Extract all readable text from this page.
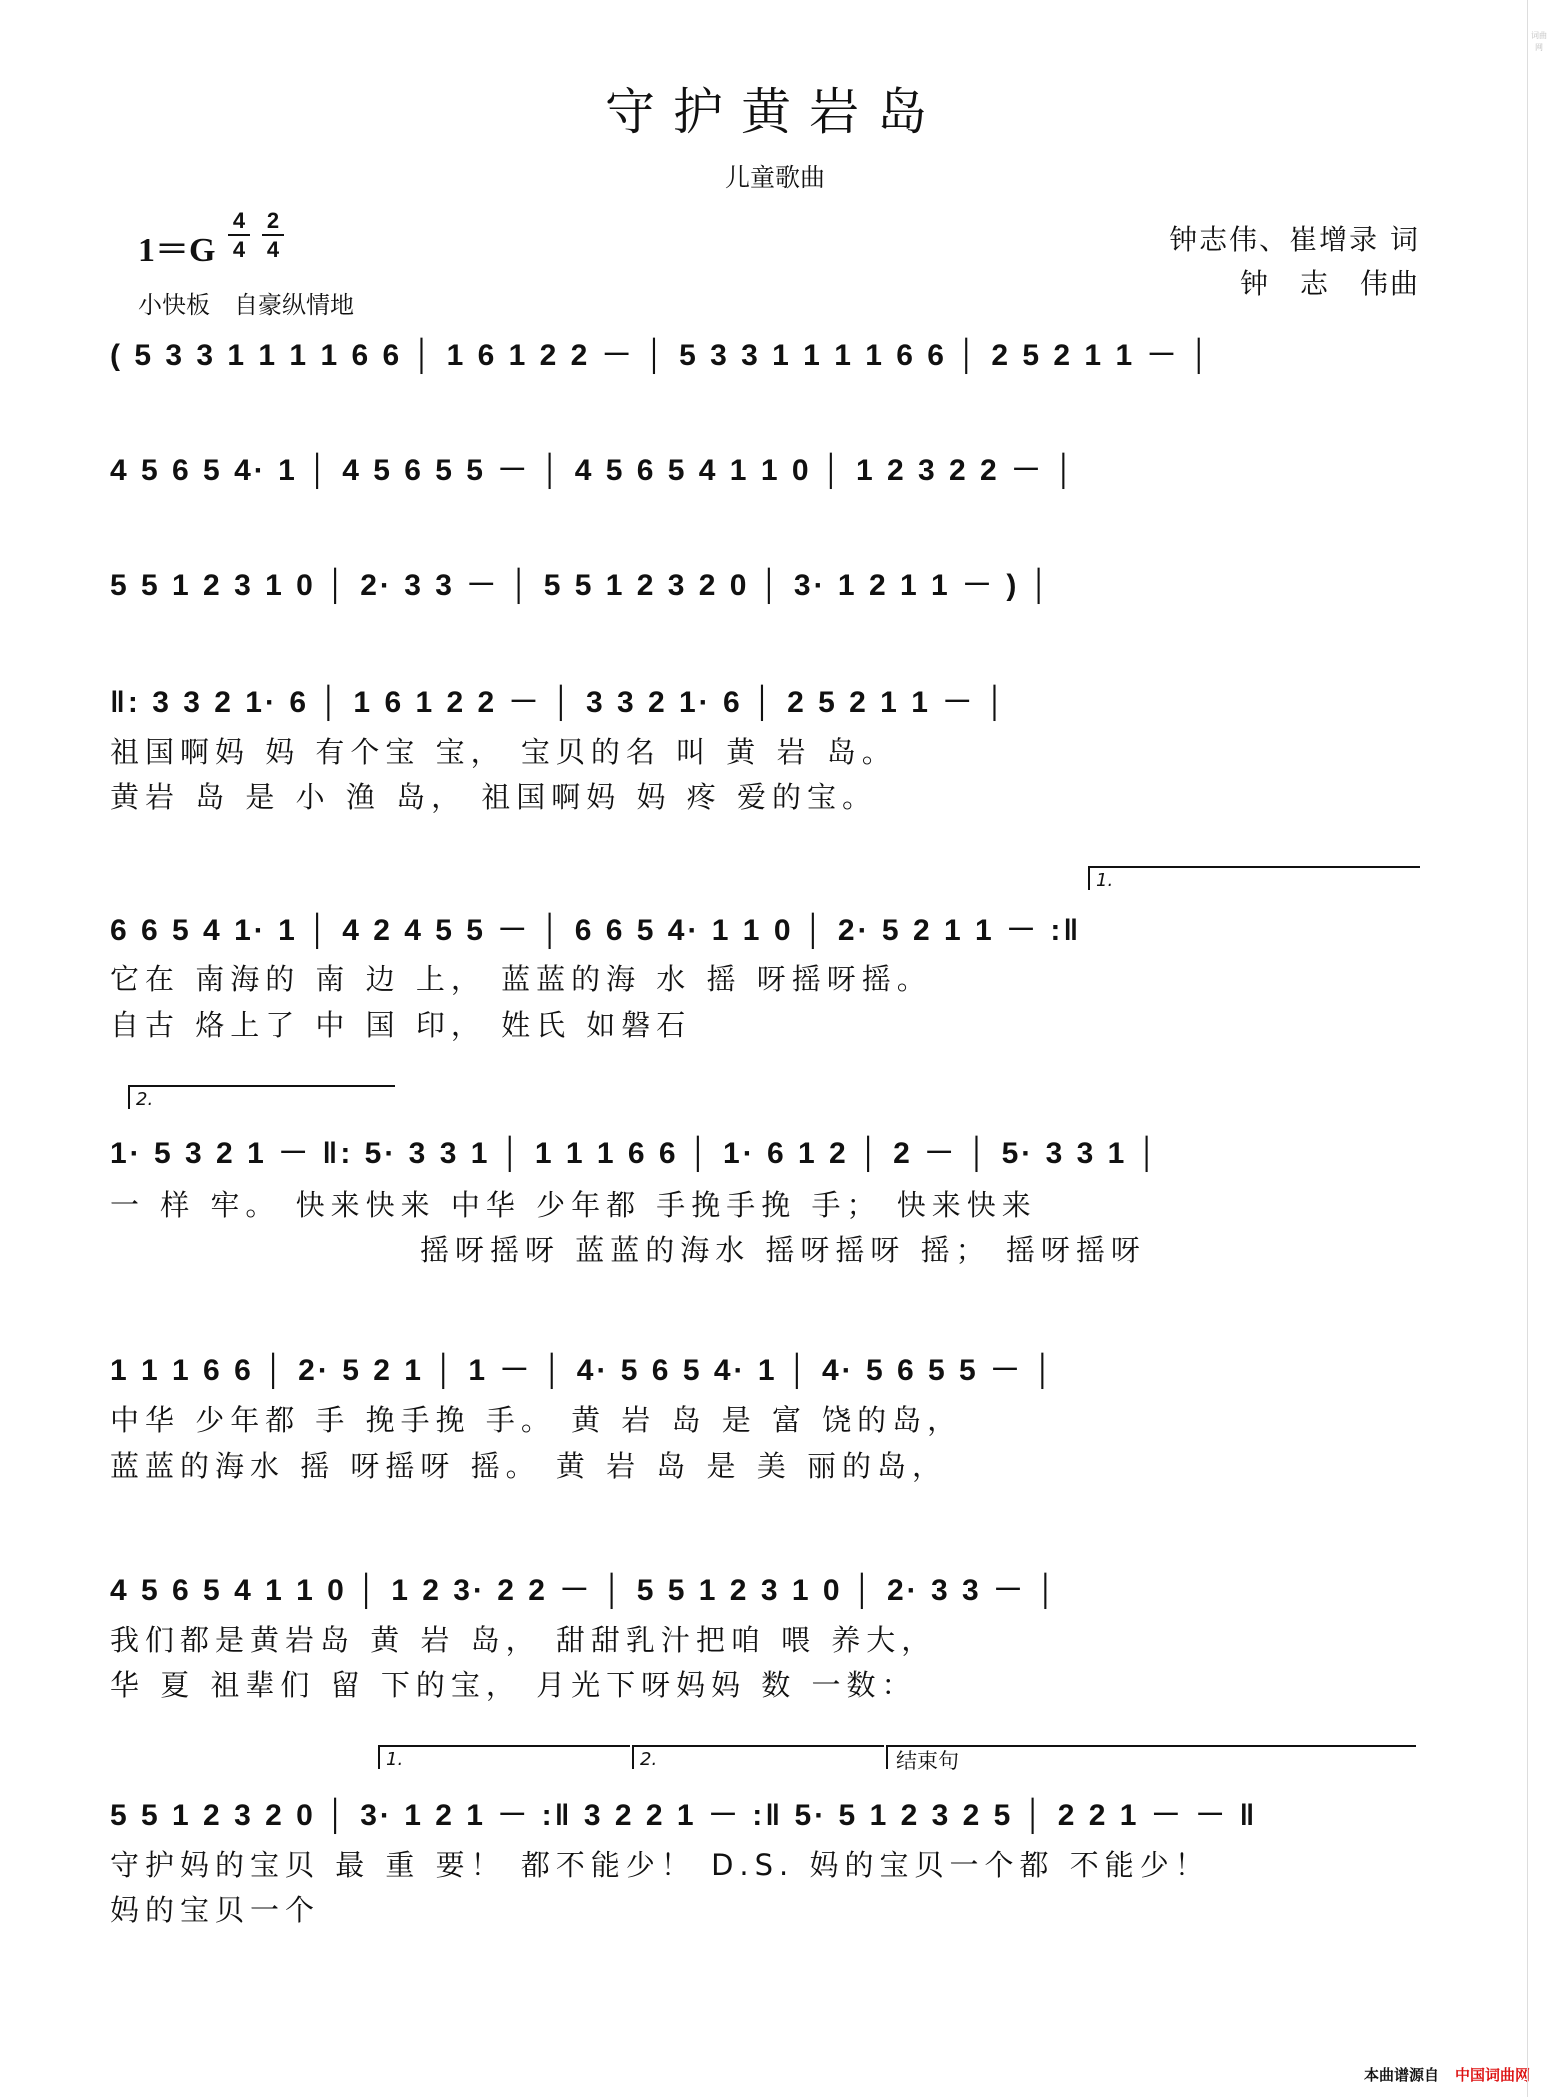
守护黄岩岛
儿童歌曲
1＝G
4
4
2
4
小快板　自豪纵情地
钟志伟、崔增录 词
钟　志　伟曲
( 5 3 3 1 1 1 1 6 6 │ 1 6 1 2 2 － │ 5 3 3 1 1 1 1 6 6 │ 2 5 2 1 1 － │
4 5 6 5 4· 1 │ 4 5 6 5 5 － │ 4 5 6 5 4 1 1 0 │ 1 2 3 2 2 － │
5 5 1 2 3 1 0 │ 2· 3 3 － │ 5 5 1 2 3 2 0 │ 3· 1 2 1 1 － ) │
‖: 3 3 2 1· 6 │ 1 6 1 2 2 － │ 3 3 2 1· 6 │ 2 5 2 1 1 － │
祖国啊妈 妈 有个宝 宝， 宝贝的名 叫 黄 岩 岛。
黄岩 岛 是 小 渔 岛， 祖国啊妈 妈 疼 爱的宝。
1.
6 6 5 4 1· 1 │ 4 2 4 5 5 － │ 6 6 5 4· 1 1 0 │ 2· 5 2 1 1 － :‖
它在 南海的 南 边 上， 蓝蓝的海 水 摇 呀摇呀摇。
自古 烙上了 中 国 印， 姓氏 如磐石
2.
1· 5 3 2 1 － ‖: 5· 3 3 1 │ 1 1 1 6 6 │ 1· 6 1 2 │ 2 － │ 5· 3 3 1 │
一 样 牢。 快来快来 中华 少年都 手挽手挽 手； 快来快来
摇呀摇呀 蓝蓝的海水 摇呀摇呀 摇； 摇呀摇呀
1 1 1 6 6 │ 2· 5 2 1 │ 1 － │ 4· 5 6 5 4· 1 │ 4· 5 6 5 5 － │
中华 少年都 手 挽手挽 手。 黄 岩 岛 是 富 饶的岛，
蓝蓝的海水 摇 呀摇呀 摇。 黄 岩 岛 是 美 丽的岛，
4 5 6 5 4 1 1 0 │ 1 2 3· 2 2 － │ 5 5 1 2 3 1 0 │ 2· 3 3 － │
我们都是黄岩岛 黄 岩 岛， 甜甜乳汁把咱 喂 养大，
华 夏 祖辈们 留 下的宝， 月光下呀妈妈 数 一数：
1.	2.	结束句
5 5 1 2 3 2 0 │ 3· 1 2 1 － :‖ 3 2 2 1 － :‖ 5· 5 1 2 3 2 5 │ 2 2 1 － － ‖
守护妈的宝贝 最 重 要！ 都不能少！ D.S. 妈的宝贝一个都 不能少！
妈的宝贝一个
本曲谱源自 中国词曲网
词曲网
